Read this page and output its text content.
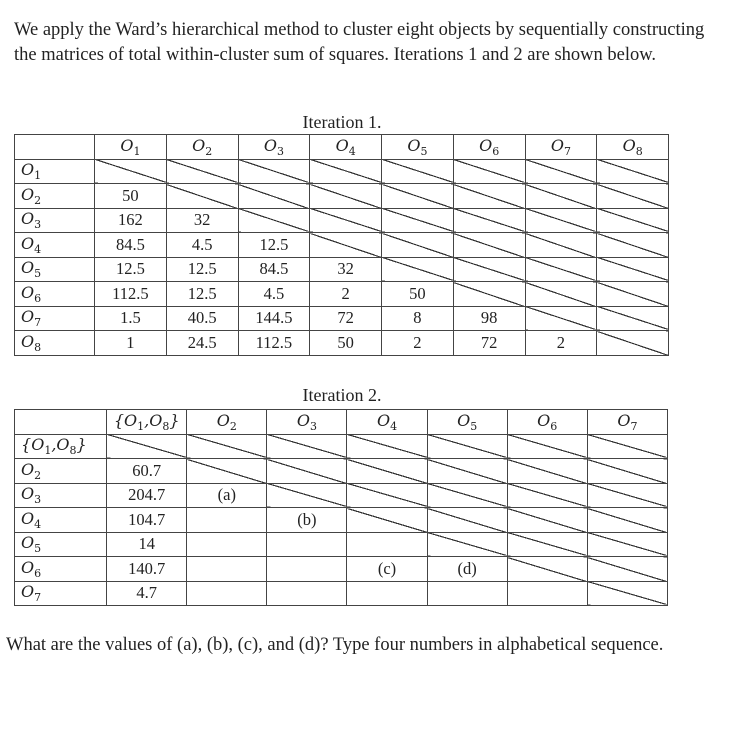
We apply the Ward’s hierarchical method to cluster eight objects by sequentially constructing the matrices of total within-cluster sum of squares. Iterations 1 and 2 are shown below.
Iteration 1.
	$O_1$	$O_2$	$O_3$	$O_4$	$O_5$	$O_6$	$O_7$	$O_8$
$O_1$								
$O_2$	50							
$O_3$	162	32						
$O_4$	84.5	4.5	12.5					
$O_5$	12.5	12.5	84.5	32				
$O_6$	112.5	12.5	4.5	2	50			
$O_7$	1.5	40.5	144.5	72	8	98		
$O_8$	1	24.5	112.5	50	2	72	2	
Iteration 2.
	$\{O_1,O_8\}$	$O_2$	$O_3$	$O_4$	$O_5$	$O_6$	$O_7$
$\{O_1,O_8\}$							
$O_2$	60.7						
$O_3$	204.7	(a)					
$O_4$	104.7		(b)				
$O_5$	14						
$O_6$	140.7			(c)	(d)		
$O_7$	4.7						
What are the values of (a), (b), (c), and (d)? Type four numbers in alphabetical sequence.
